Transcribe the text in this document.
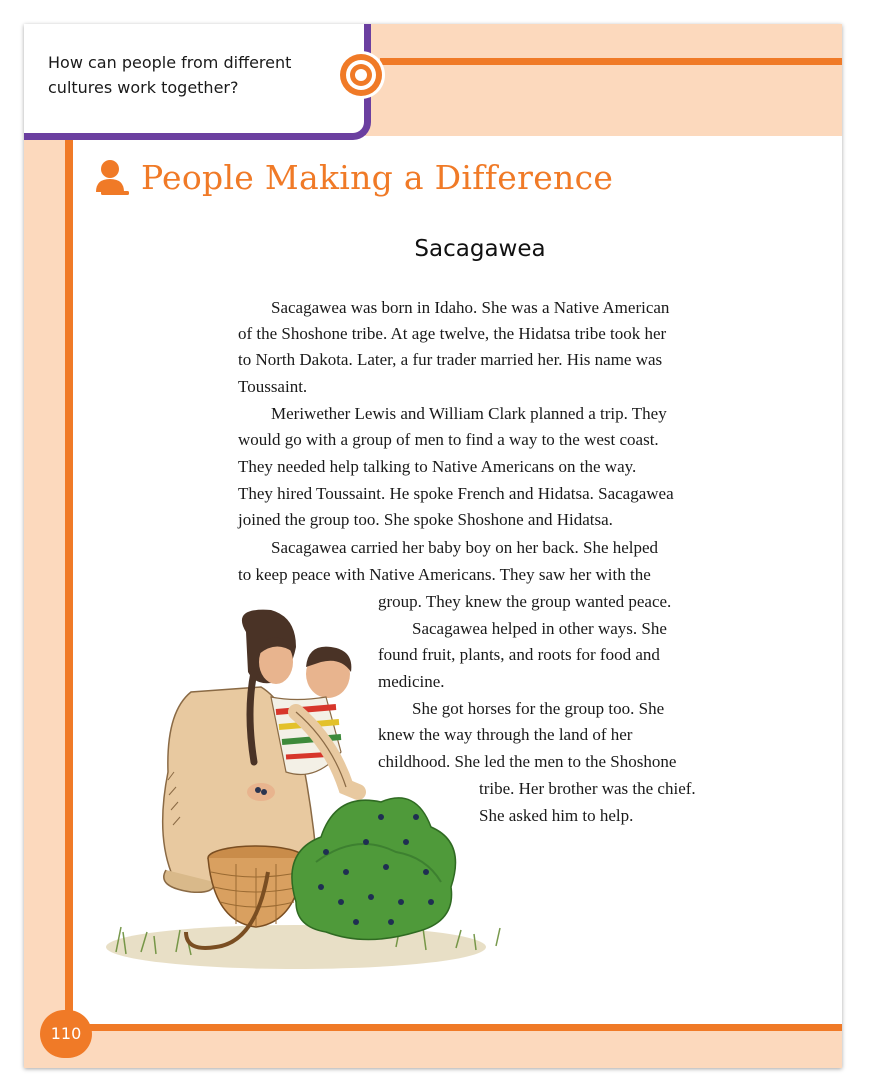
How can people from different
cultures work together?
People Making a Difference
Sacagawea
Sacagawea was born in Idaho. She was a Native American
of the Shoshone tribe. At age twelve, the Hidatsa tribe took her
to North Dakota. Later, a fur trader married her. His name was
Toussaint.
Meriwether Lewis and William Clark planned a trip. They
would go with a group of men to find a way to the west coast.
They needed help talking to Native Americans on the way.
They hired Toussaint. He spoke French and Hidatsa. Sacagawea
joined the group too. She spoke Shoshone and Hidatsa.
Sacagawea carried her baby boy on her back. She helped
to keep peace with Native Americans. They saw her with the
group. They knew the group wanted peace.
Sacagawea helped in other ways. She
found fruit, plants, and roots for food and
medicine.
She got horses for the group too. She
knew the way through the land of her
childhood. She led the men to the Shoshone
tribe. Her brother was the chief.
She asked him to help.
110
